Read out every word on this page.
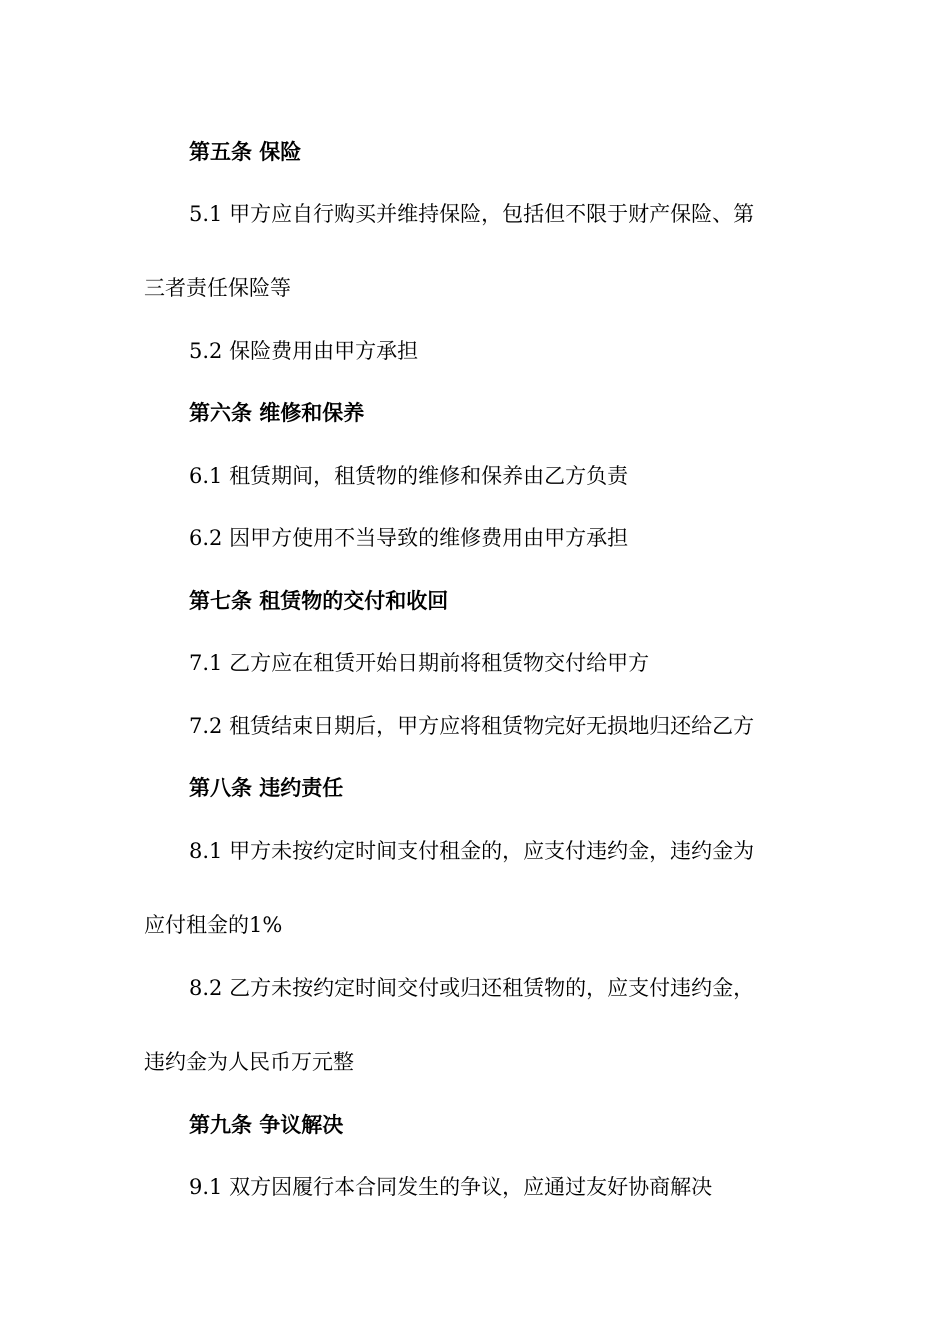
第五条 保险
5.1 甲方应自行购买并维持保险，包括但不限于财产保险、第
三者责任保险等
5.2 保险费用由甲方承担
第六条 维修和保养
6.1 租赁期间，租赁物的维修和保养由乙方负责
6.2 因甲方使用不当导致的维修费用由甲方承担
第七条 租赁物的交付和收回
7.1 乙方应在租赁开始日期前将租赁物交付给甲方
7.2 租赁结束日期后，甲方应将租赁物完好无损地归还给乙方
第八条 违约责任
8.1 甲方未按约定时间支付租金的，应支付违约金，违约金为
应付租金的1%
8.2 乙方未按约定时间交付或归还租赁物的，应支付违约金，
违约金为人民币万元整
第九条 争议解决
9.1 双方因履行本合同发生的争议，应通过友好协商解决
